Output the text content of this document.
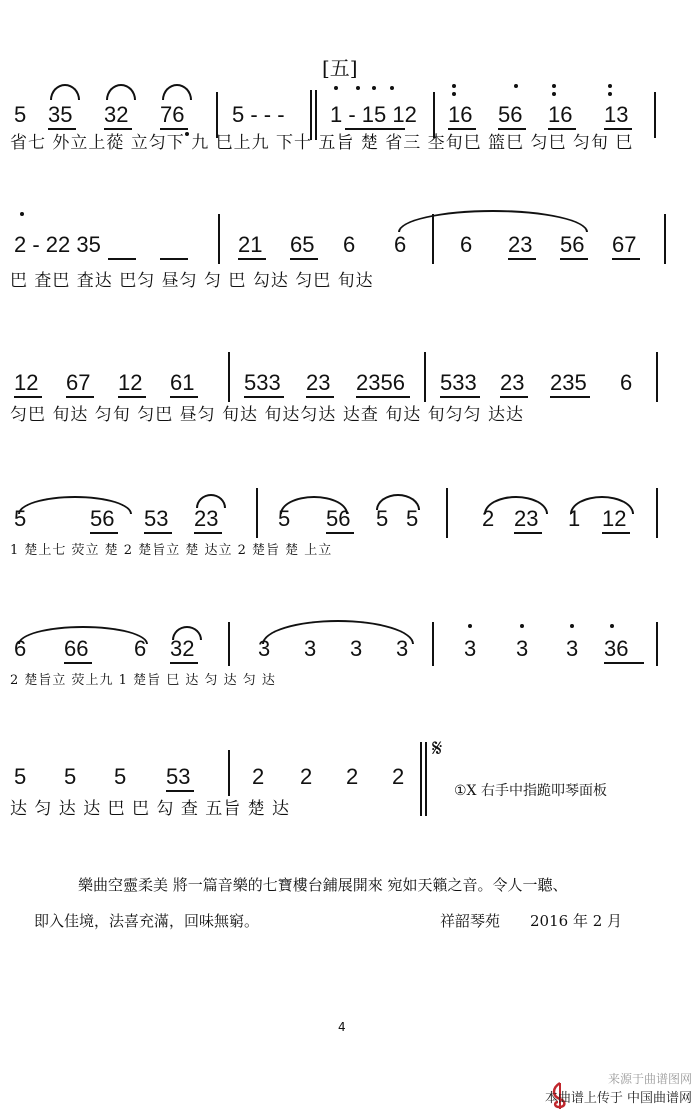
[五]
5 35 32 76 5 - - - 1 - 15 12 16 56 16 13
省七 外立上蓯 立匀下 九 巳上九 下十 五旨 楚 省三 杢旬巳 篮巳 匀巳 匀旬 巳
2 - 22 35	21 65 6 6 6 23 56 67
巴 査巴 査达 巴匀 昼匀 匀 巴 勾达 匀巴 旬达
12 67 12 61 533 23 2356 533 23 235 6
匀巴 旬达 匀旬 匀巴 昼匀 旬达 旬达匀达 达查 旬达 旬匀匀 达达
5	56 53 23	5 56 5 5	2 23 1 12
1 楚上七 荧立 楚 2 楚旨立 楚 达立 2 楚旨 楚 上立
6 66 6 32	3 3 3 3	3 3 3 36
2 楚旨立 荧上九 1 楚旨 巳 达 匀 达 匀 达
5 5 5 53	2 2 2 2
𝄋
①X 右手中指跪叩琴面板
达 匀 达 达 巴 巴 勾 查 五旨 楚 达
樂曲空靈柔美 將一篇音樂的七寶樓台鋪展開來 宛如天籟之音。令人一聽、
即入佳境，法喜充滿，回味無窮。	祥韶琴苑 2016 年 2 月
4
来源于曲谱图网
本曲谱上传于 中国曲谱网
